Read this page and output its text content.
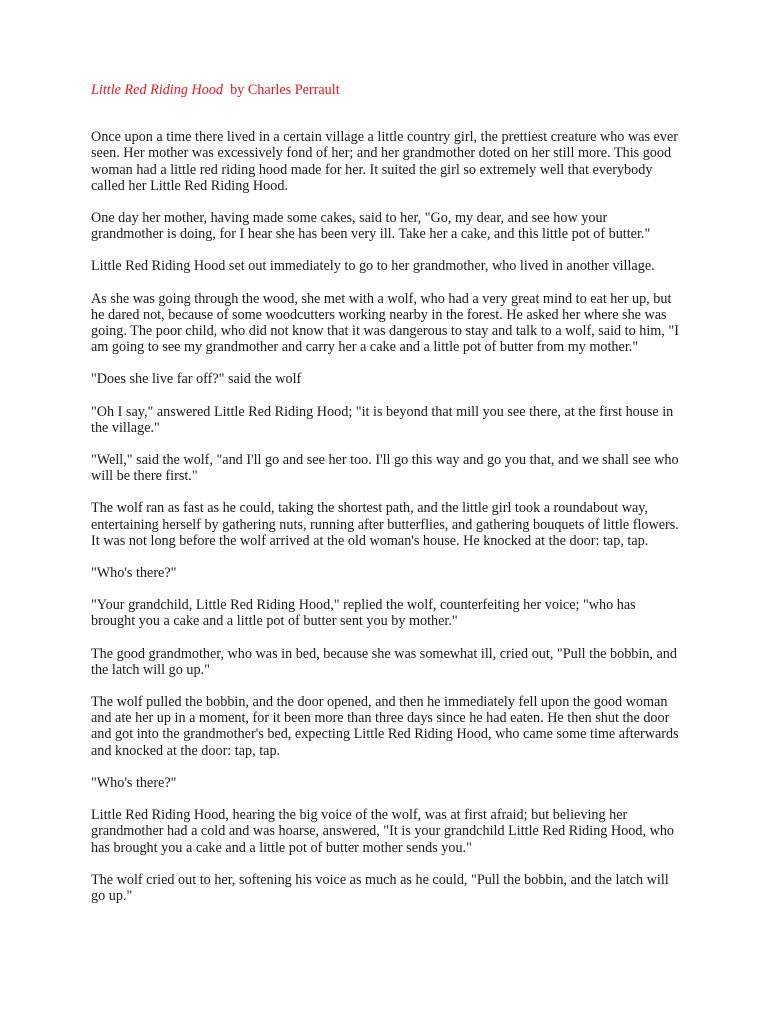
Little Red Riding Hood by Charles Perrault

Once upon a time there lived in a certain village a little country girl, the prettiest creature who was ever seen. Her mother was excessively fond of her; and her grandmother doted on her still more. This good woman had a little red riding hood made for her. It suited the girl so extremely well that everybody called her Little Red Riding Hood.

One day her mother, having made some cakes, said to her, "Go, my dear, and see how your grandmother is doing, for I hear she has been very ill. Take her a cake, and this little pot of butter."

Little Red Riding Hood set out immediately to go to her grandmother, who lived in another village.

As she was going through the wood, she met with a wolf, who had a very great mind to eat her up, but he dared not, because of some woodcutters working nearby in the forest. He asked her where she was going. The poor child, who did not know that it was dangerous to stay and talk to a wolf, said to him, "I am going to see my grandmother and carry her a cake and a little pot of butter from my mother."

"Does she live far off?" said the wolf

"Oh I say," answered Little Red Riding Hood; "it is beyond that mill you see there, at the first house in the village."

"Well," said the wolf, "and I'll go and see her too. I'll go this way and go you that, and we shall see who will be there first."

The wolf ran as fast as he could, taking the shortest path, and the little girl took a roundabout way, entertaining herself by gathering nuts, running after butterflies, and gathering bouquets of little flowers. It was not long before the wolf arrived at the old woman's house. He knocked at the door: tap, tap.

"Who's there?"

"Your grandchild, Little Red Riding Hood," replied the wolf, counterfeiting her voice; "who has brought you a cake and a little pot of butter sent you by mother."

The good grandmother, who was in bed, because she was somewhat ill, cried out, "Pull the bobbin, and the latch will go up."

The wolf pulled the bobbin, and the door opened, and then he immediately fell upon the good woman and ate her up in a moment, for it been more than three days since he had eaten. He then shut the door and got into the grandmother's bed, expecting Little Red Riding Hood, who came some time afterwards and knocked at the door: tap, tap.

"Who's there?"

Little Red Riding Hood, hearing the big voice of the wolf, was at first afraid; but believing her grandmother had a cold and was hoarse, answered, "It is your grandchild Little Red Riding Hood, who has brought you a cake and a little pot of butter mother sends you."

The wolf cried out to her, softening his voice as much as he could, "Pull the bobbin, and the latch will go up."
